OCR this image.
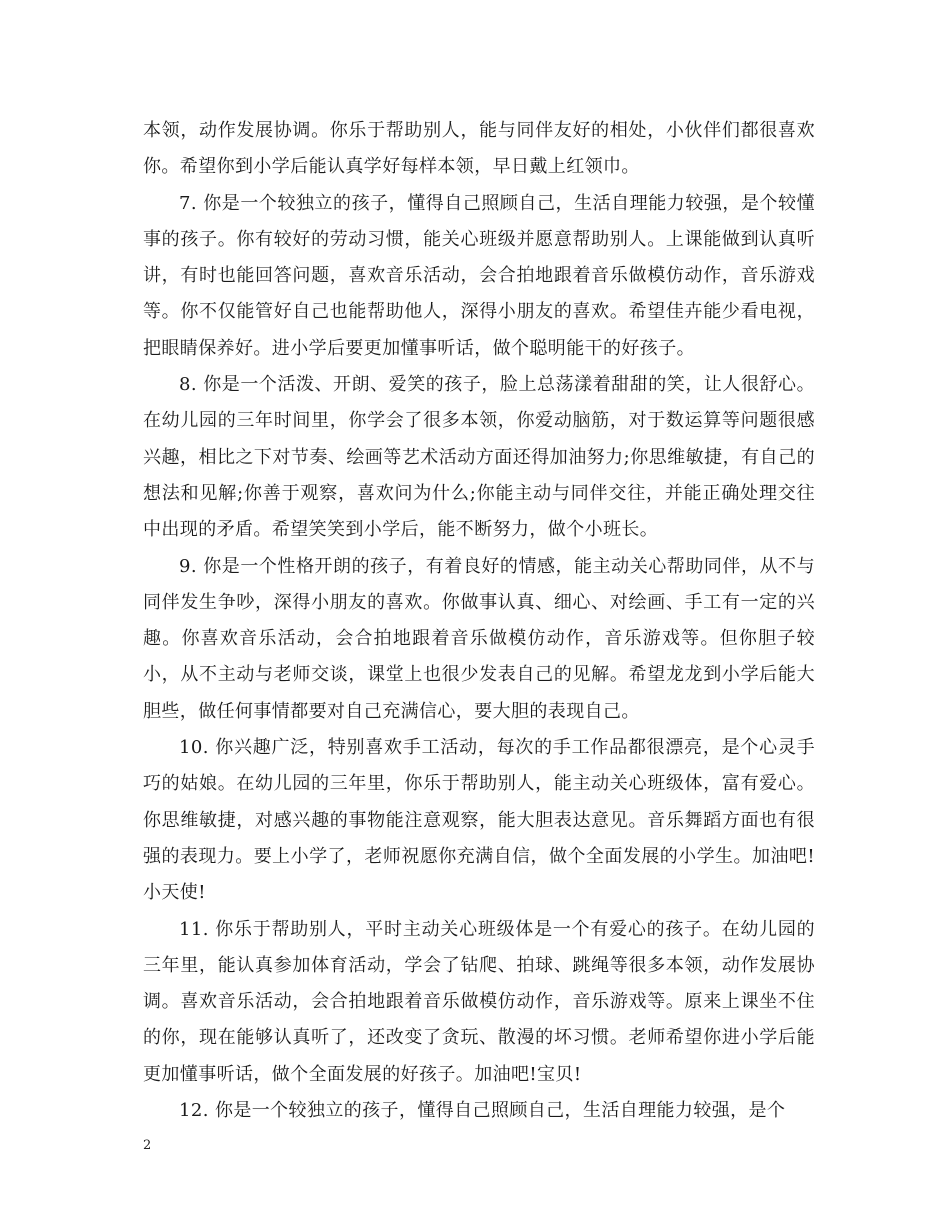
本领，动作发展协调。你乐于帮助别人，能与同伴友好的相处，小伙伴们都很喜欢你。希望你到小学后能认真学好每样本领，早日戴上红领巾。

7. 你是一个较独立的孩子，懂得自己照顾自己，生活自理能力较强，是个较懂事的孩子。你有较好的劳动习惯，能关心班级并愿意帮助别人。上课能做到认真听讲，有时也能回答问题，喜欢音乐活动，会合拍地跟着音乐做模仿动作，音乐游戏等。你不仅能管好自己也能帮助他人，深得小朋友的喜欢。希望佳卉能少看电视，把眼睛保养好。进小学后要更加懂事听话，做个聪明能干的好孩子。

8. 你是一个活泼、开朗、爱笑的孩子，脸上总荡漾着甜甜的笑，让人很舒心。在幼儿园的三年时间里，你学会了很多本领，你爱动脑筋，对于数运算等问题很感兴趣，相比之下对节奏、绘画等艺术活动方面还得加油努力;你思维敏捷，有自己的想法和见解;你善于观察，喜欢问为什么;你能主动与同伴交往，并能正确处理交往中出现的矛盾。希望笑笑到小学后，能不断努力，做个小班长。

9. 你是一个性格开朗的孩子，有着良好的情感，能主动关心帮助同伴，从不与同伴发生争吵，深得小朋友的喜欢。你做事认真、细心、对绘画、手工有一定的兴趣。你喜欢音乐活动，会合拍地跟着音乐做模仿动作，音乐游戏等。但你胆子较小，从不主动与老师交谈，课堂上也很少发表自己的见解。希望龙龙到小学后能大胆些，做任何事情都要对自己充满信心，要大胆的表现自己。

10. 你兴趣广泛，特别喜欢手工活动，每次的手工作品都很漂亮，是个心灵手巧的姑娘。在幼儿园的三年里，你乐于帮助别人，能主动关心班级体，富有爱心。你思维敏捷，对感兴趣的事物能注意观察，能大胆表达意见。音乐舞蹈方面也有很强的表现力。要上小学了，老师祝愿你充满自信，做个全面发展的小学生。加油吧!小天使!

11. 你乐于帮助别人，平时主动关心班级体是一个有爱心的孩子。在幼儿园的三年里，能认真参加体育活动，学会了钻爬、拍球、跳绳等很多本领，动作发展协调。喜欢音乐活动，会合拍地跟着音乐做模仿动作，音乐游戏等。原来上课坐不住的你，现在能够认真听了，还改变了贪玩、散漫的坏习惯。老师希望你进小学后能更加懂事听话，做个全面发展的好孩子。加油吧!宝贝!

12. 你是一个较独立的孩子，懂得自己照顾自己，生活自理能力较强，是个

2
